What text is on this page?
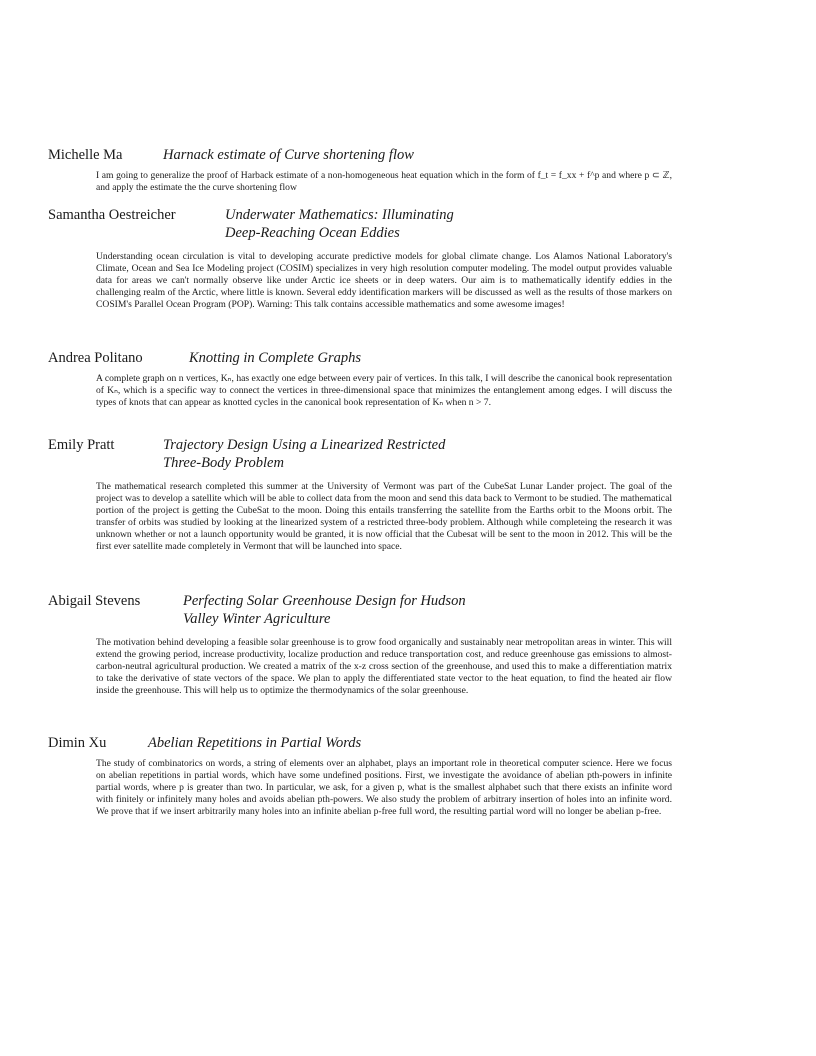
Michelle Ma	Harnack estimate of Curve shortening flow
I am going to generalize the proof of Harback estimate of a non-homogeneous heat equation which in the form of f_t = f_xx + f^p and where p ⊂ ℤ, and apply the estimate the the curve shortening flow
Samantha Oestreicher	Underwater Mathematics: Illuminating
Deep-Reaching Ocean Eddies
Understanding ocean circulation is vital to developing accurate predictive models for global climate change. Los Alamos National Laboratory's Climate, Ocean and Sea Ice Modeling project (COSIM) specializes in very high resolution computer modeling. The model output provides valuable data for areas we can't normally observe like under Arctic ice sheets or in deep waters. Our aim is to mathematically identify eddies in the challenging realm of the Arctic, where little is known. Several eddy identification markers will be discussed as well as the results of those markers on COSIM's Parallel Ocean Program (POP). Warning: This talk contains accessible mathematics and some awesome images!
Andrea Politano	Knotting in Complete Graphs
A complete graph on n vertices, Kₙ, has exactly one edge between every pair of vertices. In this talk, I will describe the canonical book representation of Kₙ, which is a specific way to connect the vertices in three-dimensional space that minimizes the entanglement among edges. I will discuss the types of knots that can appear as knotted cycles in the canonical book representation of Kₙ when n > 7.
Emily Pratt	Trajectory Design Using a Linearized Restricted
Three-Body Problem
The mathematical research completed this summer at the University of Vermont was part of the CubeSat Lunar Lander project. The goal of the project was to develop a satellite which will be able to collect data from the moon and send this data back to Vermont to be studied. The mathematical portion of the project is getting the CubeSat to the moon. Doing this entails transferring the satellite from the Earths orbit to the Moons orbit. The transfer of orbits was studied by looking at the linearized system of a restricted three-body problem. Although while completeing the research it was unknown whether or not a launch opportunity would be granted, it is now official that the Cubesat will be sent to the moon in 2012. This will be the first ever satellite made completely in Vermont that will be launched into space.
Abigail Stevens	Perfecting Solar Greenhouse Design for Hudson
Valley Winter Agriculture
The motivation behind developing a feasible solar greenhouse is to grow food organically and sustainably near metropolitan areas in winter. This will extend the growing period, increase productivity, localize production and reduce transportation cost, and reduce greenhouse gas emissions to almost-carbon-neutral agricultural production. We created a matrix of the x-z cross section of the greenhouse, and used this to make a differentiation matrix to take the derivative of state vectors of the space. We plan to apply the differentiated state vector to the heat equation, to find the heated air flow inside the greenhouse. This will help us to optimize the thermodynamics of the solar greenhouse.
Dimin Xu	Abelian Repetitions in Partial Words
The study of combinatorics on words, a string of elements over an alphabet, plays an important role in theoretical computer science. Here we focus on abelian repetitions in partial words, which have some undefined positions. First, we investigate the avoidance of abelian pth-powers in infinite partial words, where p is greater than two. In particular, we ask, for a given p, what is the smallest alphabet such that there exists an infinite word with finitely or infinitely many holes and avoids abelian pth-powers. We also study the problem of arbitrary insertion of holes into an infinite word. We prove that if we insert arbitrarily many holes into an infinite abelian p-free full word, the resulting partial word will no longer be abelian p-free.
